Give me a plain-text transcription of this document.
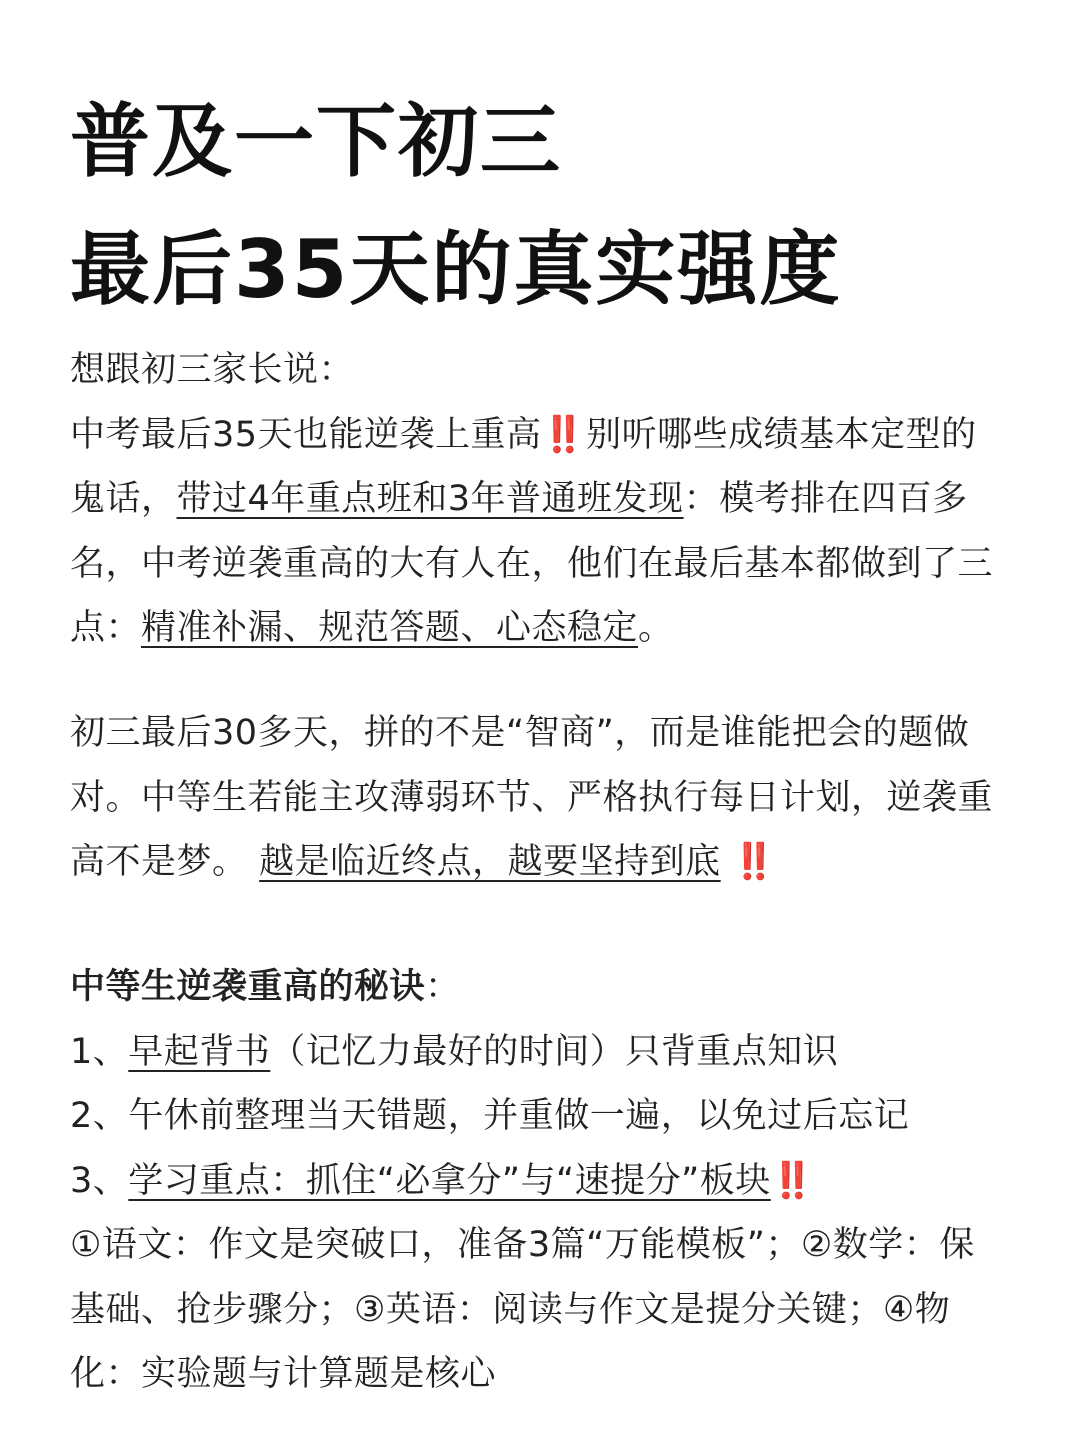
普及一下初三
最后35天的真实强度
想跟初三家长说：
中考最后35天也能逆袭上重高‼️ 别听哪些成绩基本定型的
鬼话，带过4年重点班和3年普通班发现：模考排在四百多
名，中考逆袭重高的大有人在，他们在最后基本都做到了三
点：精准补漏、规范答题、心态稳定。
初三最后30多天，拼的不是“智商”，而是谁能把会的题做
对。中等生若能主攻薄弱环节、严格执行每日计划，逆袭重
高不是梦。 越是临近终点，越要坚持到底 ‼️
中等生逆袭重高的秘诀：
1、早起背书（记忆力最好的时间）只背重点知识
2、午休前整理当天错题，并重做一遍，以免过后忘记
3、学习重点：抓住“必拿分”与“速提分”板块‼️
①语文：作文是突破口，准备3篇“万能模板”；②数学：保
基础、抢步骤分；③英语：阅读与作文是提分关键；④物
化：实验题与计算题是核心
